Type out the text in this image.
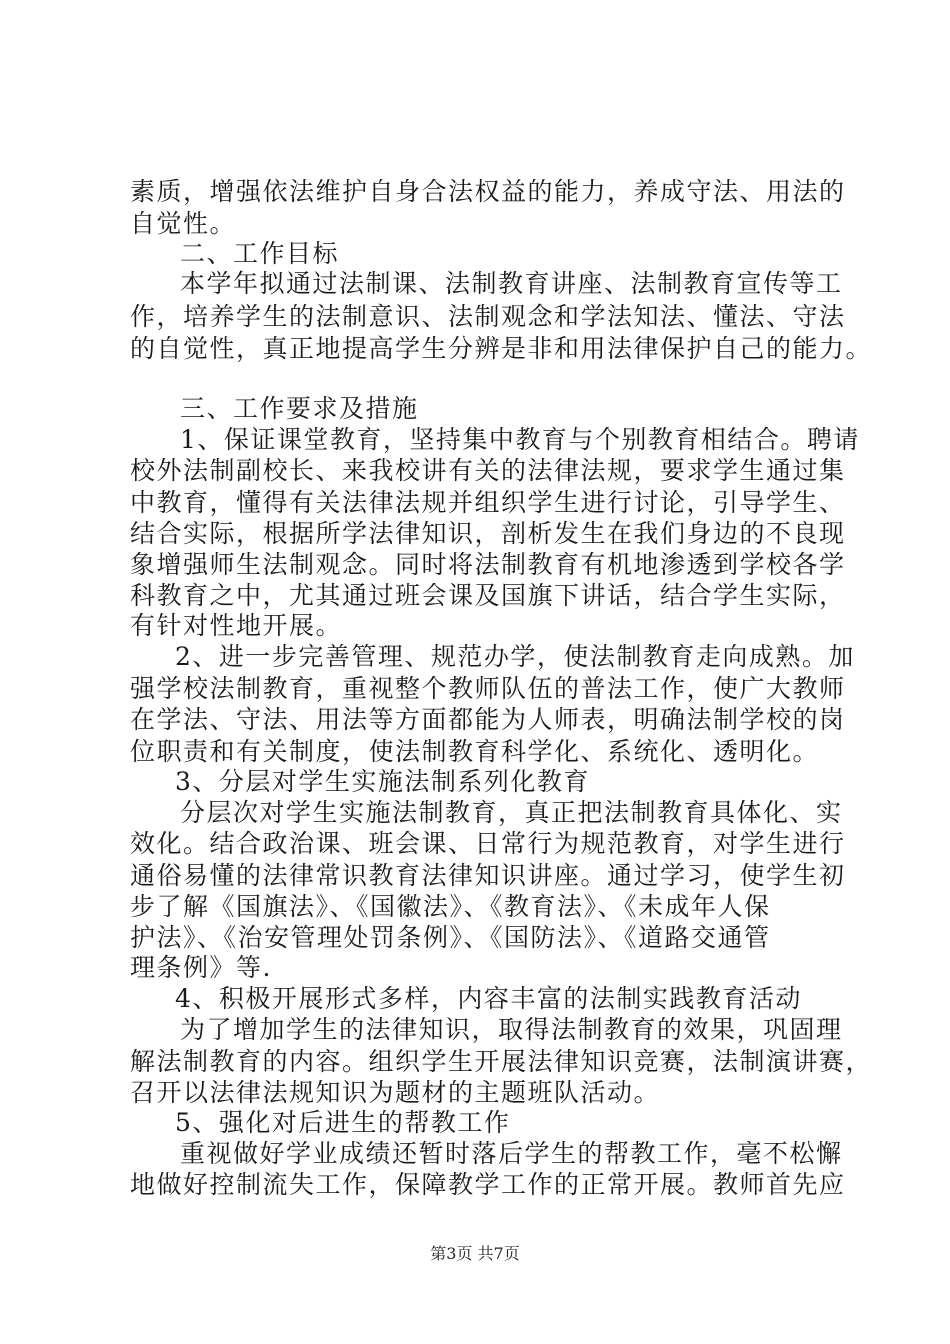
素质，增强依法维护自身合法权益的能力，养成守法、用法的
自觉性。
二、工作目标
本学年拟通过法制课、法制教育讲座、法制教育宣传等工
作，培养学生的法制意识、法制观念和学法知法、懂法、守法
的自觉性，真正地提高学生分辨是非和用法律保护自己的能力。
三、工作要求及措施
1、保证课堂教育，坚持集中教育与个别教育相结合。聘请
校外法制副校长、来我校讲有关的法律法规，要求学生通过集
中教育，懂得有关法律法规并组织学生进行讨论，引导学生、
结合实际，根据所学法律知识，剖析发生在我们身边的不良现
象增强师生法制观念。同时将法制教育有机地渗透到学校各学
科教育之中，尤其通过班会课及国旗下讲话，结合学生实际，
有针对性地开展。
2、进一步完善管理、规范办学，使法制教育走向成熟。加
强学校法制教育，重视整个教师队伍的普法工作，使广大教师
在学法、守法、用法等方面都能为人师表，明确法制学校的岗
位职责和有关制度，使法制教育科学化、系统化、透明化。
3、分层对学生实施法制系列化教育
分层次对学生实施法制教育，真正把法制教育具体化、实
效化。结合政治课、班会课、日常行为规范教育，对学生进行
通俗易懂的法律常识教育法律知识讲座。通过学习，使学生初
步了解《国旗法》、《国徽法》、《教育法》、《未成年人保
护法》、《治安管理处罚条例》、《国防法》、《道路交通管
理条例》等.
4、积极开展形式多样，内容丰富的法制实践教育活动
为了增加学生的法律知识，取得法制教育的效果，巩固理
解法制教育的内容。组织学生开展法律知识竞赛，法制演讲赛，
召开以法律法规知识为题材的主题班队活动。
5、强化对后进生的帮教工作
重视做好学业成绩还暂时落后学生的帮教工作，毫不松懈
地做好控制流失工作，保障教学工作的正常开展。教师首先应
第3页 共7页
